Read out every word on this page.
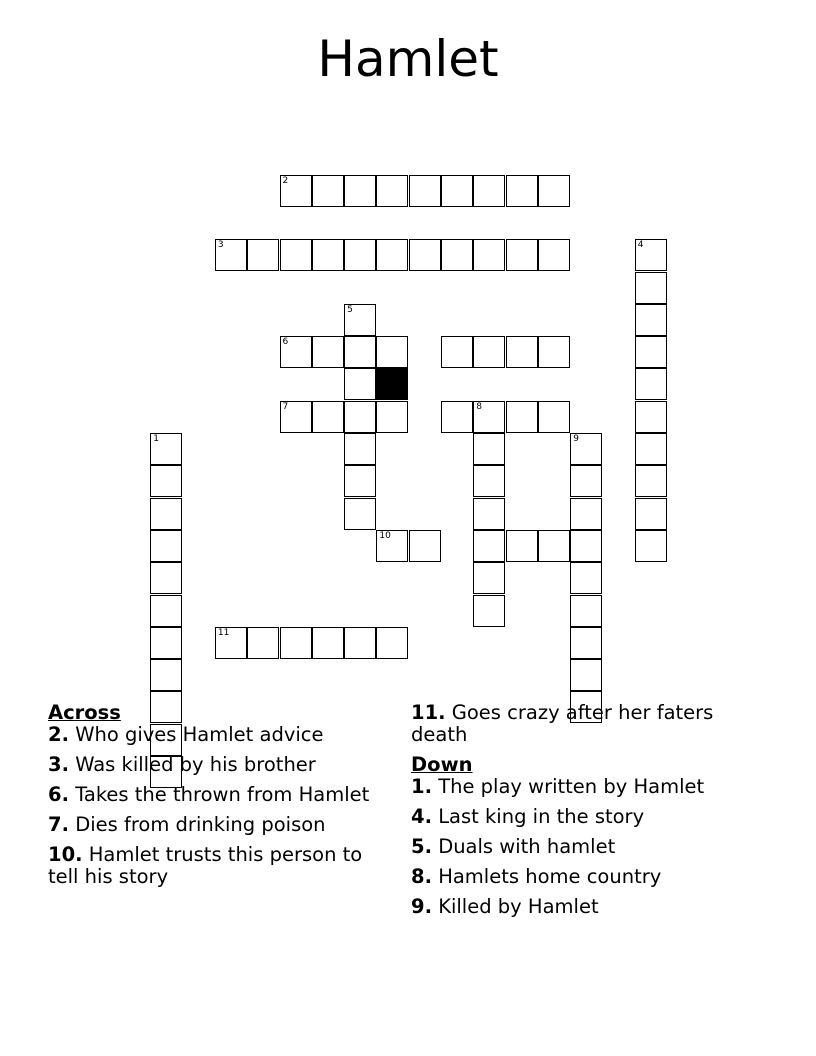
Hamlet
1
2
3	4
5
6
7	8
9
10
11
Across
2. Who gives Hamlet advice
3. Was killed by his brother
6. Takes the thrown from Hamlet
7. Dies from drinking poison
10. Hamlet trusts this person to tell his story
11. Goes crazy after her faters death
Down
1. The play written by Hamlet
4. Last king in the story
5. Duals with hamlet
8. Hamlets home country
9. Killed by Hamlet
